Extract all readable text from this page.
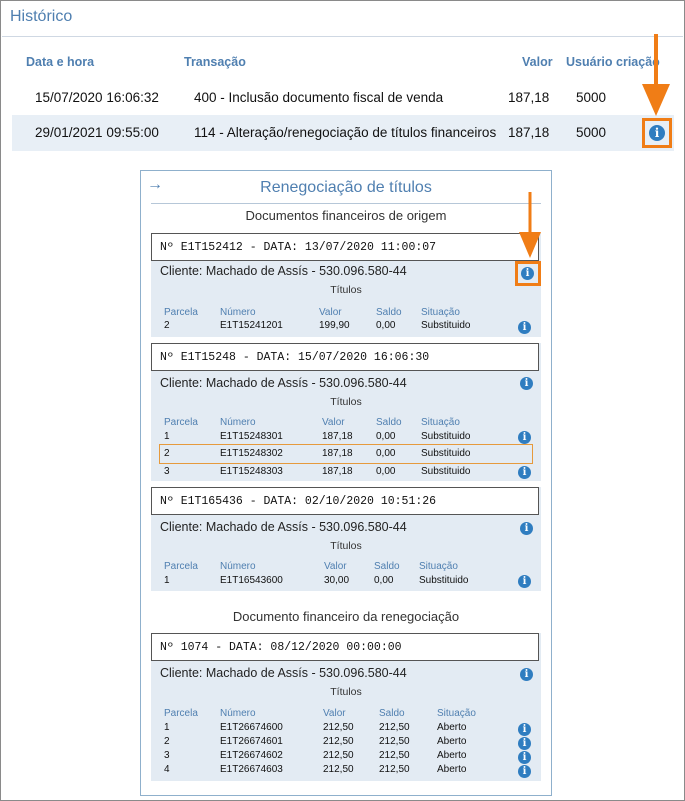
Histórico
Data e hora	Transação	Valor Usuário criação
15/07/2020 16:06:32	400 - Inclusão documento fiscal de venda	187,18 5000
29/01/2021 09:55:00	114 - Alteração/renegociação de títulos financeiros 187,18 5000	i
→	Renegociação de títulos
Documentos financeiros de origem
Nº E1T152412 - DATA: 13/07/2020 11:00:07
Cliente: Machado de Assís - 530.096.580-44
Títulos
Parcela Número	Valor	Saldo Situação
2	E1T15241201	199,90	0,00	Substituido	i
i
Nº E1T15248 - DATA: 15/07/2020 16:06:30
Cliente: Machado de Assís - 530.096.580-44	i
Títulos
Parcela Número	Valor	Saldo Situação
1	E1T15248301	187,18 0,00	Substituido	i
2	E1T15248302	187,18 0,00	Substituido
3	E1T15248303	187,18 0,00	Substituido	i
Nº E1T165436 - DATA: 02/10/2020 10:51:26
Cliente: Machado de Assís - 530.096.580-44	i
Títulos
Parcela Número	Valor	Saldo Situação
1	E1T16543600	30,00 0,00	Substituido	i
Documento financeiro da renegociação
Nº 1074 - DATA: 08/12/2020 00:00:00
Cliente: Machado de Assís - 530.096.580-44	i
Títulos
Parcela Número	Valor	Saldo	Situação
1	E1T26674600	212,50	212,50	Aberto	i
2	E1T26674601	212,50	212,50	Aberto	i
3	E1T26674602	212,50	212,50	Aberto	i
4	E1T26674603	212,50	212,50	Aberto	i
